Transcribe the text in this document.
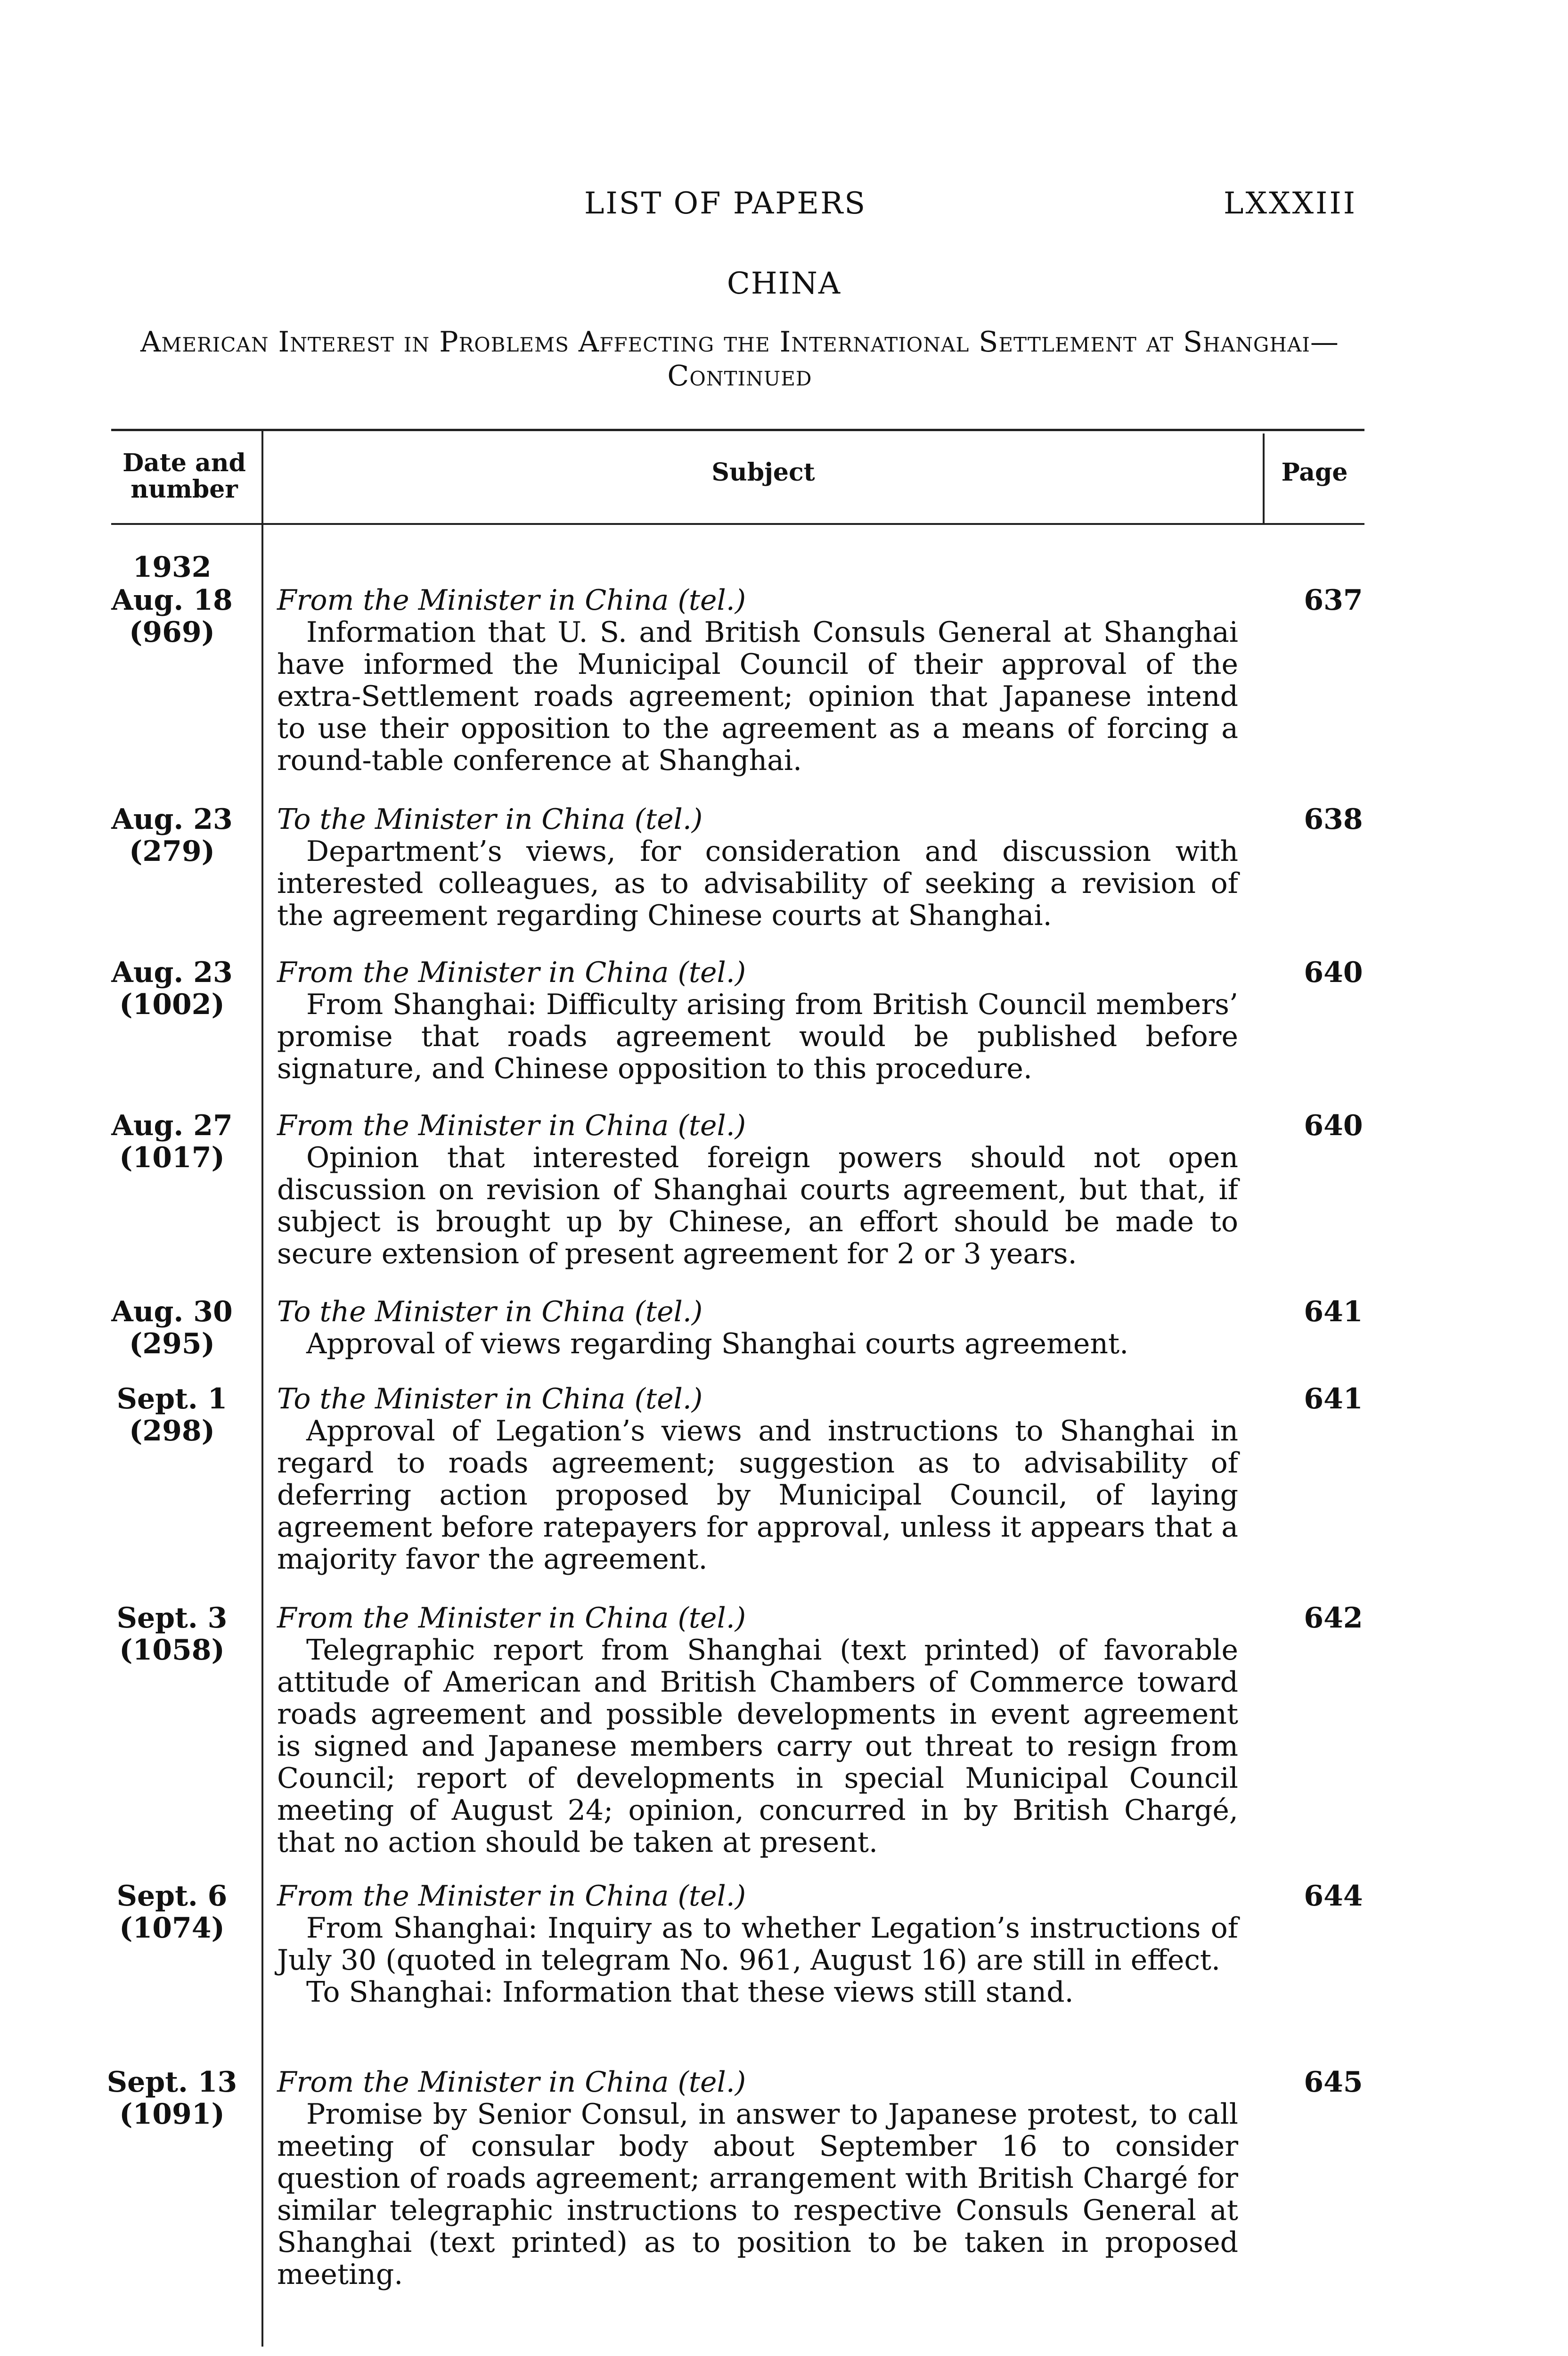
LIST OF PAPERS	LXXXIII
CHINA
American Interest in Problems Affecting the International Settlement at Shanghai—Continued
Date and number
Subject	Page
1932
Aug. 18
(969)
From the Minister in China (tel.)
Information that U. S. and British Consuls General at Shanghai have informed the Municipal Council of their approval of the extra-Settlement roads agreement; opinion that Japanese intend to use their opposition to the agreement as a means of forcing a round-table conference at Shanghai.
637
Aug. 23
(279)
To the Minister in China (tel.)
Department’s views, for consideration and discussion with interested colleagues, as to advisability of seeking a revision of the agreement regarding Chinese courts at Shanghai.
638
Aug. 23
(1002)
From the Minister in China (tel.)
From Shanghai: Difficulty arising from British Council members’ promise that roads agreement would be published before signature, and Chinese opposition to this procedure.
640
Aug. 27
(1017)
From the Minister in China (tel.)
Opinion that interested foreign powers should not open discussion on revision of Shanghai courts agreement, but that, if subject is brought up by Chinese, an effort should be made to secure extension of present agreement for 2 or 3 years.
640
Aug. 30
(295)
To the Minister in China (tel.)
Approval of views regarding Shanghai courts agreement.
641
Sept. 1
(298)
To the Minister in China (tel.)
Approval of Legation’s views and instructions to Shanghai in regard to roads agreement; suggestion as to advisability of deferring action proposed by Municipal Council, of laying agreement before ratepayers for approval, unless it appears that a majority favor the agreement.
641
Sept. 3
(1058)
From the Minister in China (tel.)
Telegraphic report from Shanghai (text printed) of favorable attitude of American and British Chambers of Commerce toward roads agreement and possible developments in event agreement is signed and Japanese members carry out threat to resign from Council; report of developments in special Municipal Council meeting of August 24; opinion, concurred in by British Chargé, that no action should be taken at present.
642
Sept. 6
(1074)
From the Minister in China (tel.)
From Shanghai: Inquiry as to whether Legation’s instructions of July 30 (quoted in telegram No. 961, August 16) are still in effect.
To Shanghai: Information that these views still stand.
644
Sept. 13
(1091)
From the Minister in China (tel.)
Promise by Senior Consul, in answer to Japanese protest, to call meeting of consular body about September 16 to consider question of roads agreement; arrangement with British Chargé for similar telegraphic instructions to respective Consuls General at Shanghai (text printed) as to position to be taken in proposed meeting.
645
